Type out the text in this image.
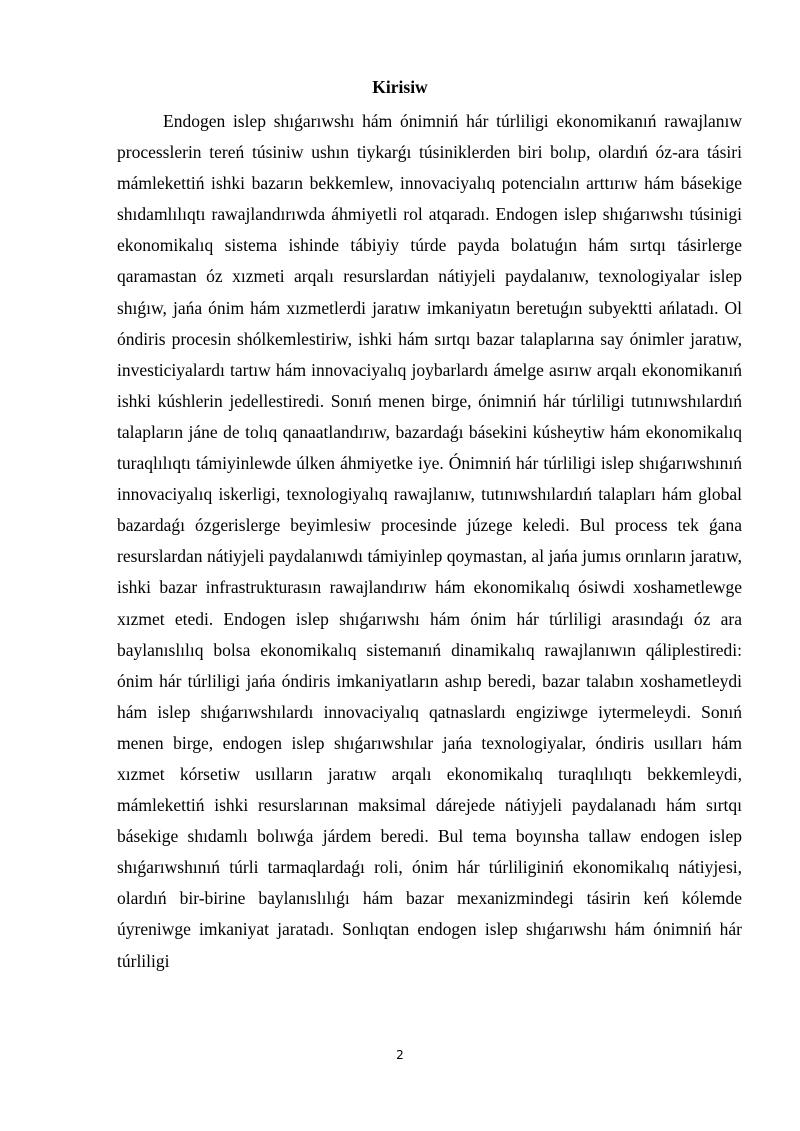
Kirisiw

Endogen islep shıǵarıwshı hám ónimniń hár túrliligi ekonomikanıń rawajlanıw processlerin tereń túsiniw ushın tiykarǵı túsiniklerden biri bolıp, olardıń óz-ara tásiri mámlekettiń ishki bazarın bekkemlew, innovaciyalıq potencialın arttırıw hám básekige shıdamlılıqtı rawajlandırıwda áhmiyetli rol atqaradı. Endogen islep shıǵarıwshı túsinigi ekonomikalıq sistema ishinde tábiyiy túrde payda bolatuǵın hám sırtqı tásirlerge qaramastan óz xızmeti arqalı resurslardan nátiyjeli paydalanıw, texnologiyalar islep shıǵıw, jańa ónim hám xızmetlerdi jaratıw imkaniyatın beretuǵın subyektti ańlatadı. Ol óndiris procesin shólkemlestiriw, ishki hám sırtqı bazar talaplarına say ónimler jaratıw, investiciyalardı tartıw hám innovaciyalıq joybarlardı ámelge asırıw arqalı ekonomikanıń ishki kúshlerin jedellestiredi. Sonıń menen birge, ónimniń hár túrliligi tutınıwshılardıń talapların jáne de tolıq qanaatlandırıw, bazardaǵı básekini kúsheytiw hám ekonomikalıq turaqlılıqtı támiyinlewde úlken áhmiyetke iye. Ónimniń hár túrliligi islep shıǵarıwshınıń innovaciyalıq iskerligi, texnologiyalıq rawajlanıw, tutınıwshılardıń talapları hám global bazardaǵı ózgerislerge beyimlesiw procesinde júzege keledi. Bul process tek ǵana resurslardan nátiyjeli paydalanıwdı támiyinlep qoymastan, al jańa jumıs orınların jaratıw, ishki bazar infrastrukturasın rawajlandırıw hám ekonomikalıq ósiwdi xoshametlewge xızmet etedi. Endogen islep shıǵarıwshı hám ónim hár túrliligi arasındaǵı óz ara baylanıslılıq bolsa ekonomikalıq sistemanıń dinamikalıq rawajlanıwın qáliplestiredi: ónim hár túrliligi jańa óndiris imkaniyatların ashıp beredi, bazar talabın xoshametleydi hám islep shıǵarıwshılardı innovaciyalıq qatnaslardı engiziwge iytermeleydi. Sonıń menen birge, endogen islep shıǵarıwshılar jańa texnologiyalar, óndiris usılları hám xızmet kórsetiw usılların jaratıw arqalı ekonomikalıq turaqlılıqtı bekkemleydi, mámlekettiń ishki resurslarınan maksimal dárejede nátiyjeli paydalanadı hám sırtqı básekige shıdamlı bolıwǵa járdem beredi. Bul tema boyınsha tallaw endogen islep shıǵarıwshınıń túrli tarmaqlardaǵı roli, ónim hár túrliliginiń ekonomikalıq nátiyjesi, olardıń bir-birine baylanıslılıǵı hám bazar mexanizmindegi tásirin keń kólemde úyreniwge imkaniyat jaratadı. Sonlıqtan endogen islep shıǵarıwshı hám ónimniń hár túrliligi

2
